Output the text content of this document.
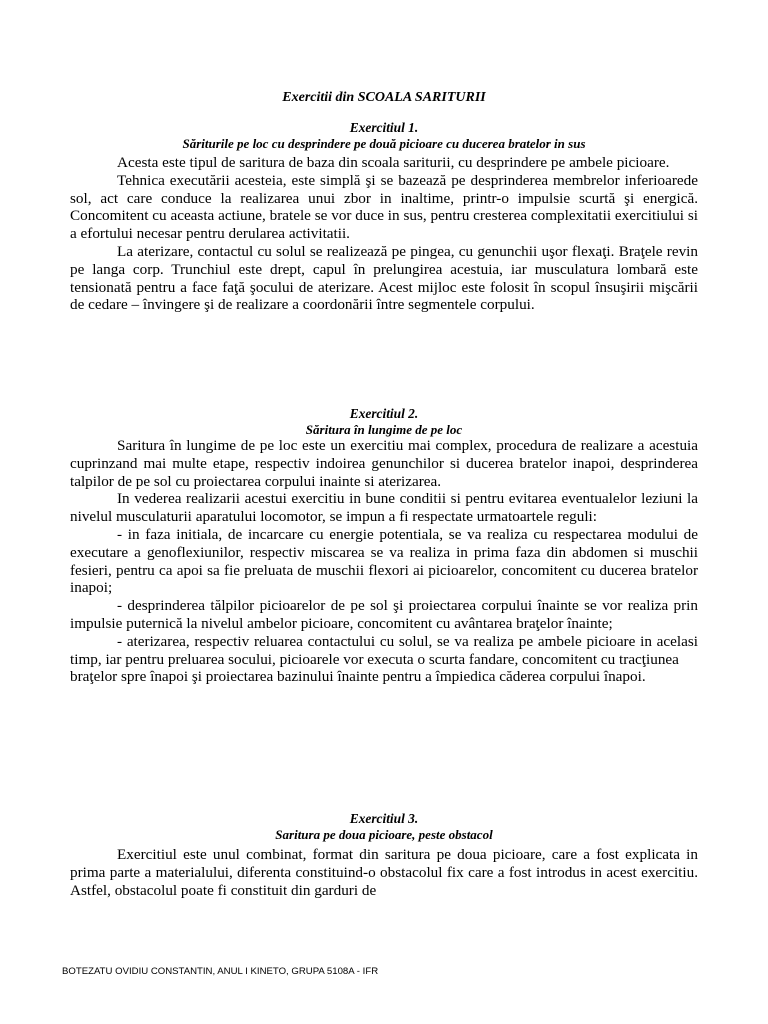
Exercitii din SCOALA SARITURII
Exercitiul 1.
Săriturile pe loc cu desprindere pe două picioare cu ducerea bratelor in sus

Acesta este tipul de saritura de baza din scoala sariturii, cu desprindere pe ambele picioare.

Tehnica executării acesteia, este simplă şi se bazează pe desprinderea membrelor inferioarede sol, act care conduce la realizarea unui zbor in inaltime, printr-o impulsie scurtă şi energică. Concomitent cu aceasta actiune, bratele se vor duce in sus, pentru cresterea complexitatii exercitiului si a efortului necesar pentru derularea activitatii.

La aterizare, contactul cu solul se realizează pe pingea, cu genunchii uşor flexaţi. Braţele revin pe langa corp. Trunchiul este drept, capul în prelungirea acestuia, iar musculatura lombară este tensionată pentru a face faţă şocului de aterizare. Acest mijloc este folosit în scopul însuşirii mişcării de cedare – învingere şi de realizare a coordonării între segmentele corpului.

Exercitiul 2.
Săritura în lungime de pe loc

Saritura în lungime de pe loc este un exercitiu mai complex, procedura de realizare a acestuia cuprinzand mai multe etape, respectiv indoirea genunchilor si ducerea bratelor inapoi, desprinderea talpilor de pe sol cu proiectarea corpului inainte si aterizarea.

In vederea realizarii acestui exercitiu in bune conditii si pentru evitarea eventualelor leziuni la nivelul musculaturii aparatului locomotor, se impun a fi respectate urmatoartele reguli:

- in faza initiala, de incarcare cu energie potentiala, se va realiza cu respectarea modului de executare a genoflexiunilor, respectiv miscarea se va realiza in prima faza din abdomen si muschii fesieri, pentru ca apoi sa fie preluata de muschii flexori ai picioarelor, concomitent cu ducerea bratelor inapoi;

- desprinderea tălpilor picioarelor de pe sol şi proiectarea corpului înainte se vor realiza prin impulsie puternică la nivelul ambelor picioare, concomitent cu avântarea braţelor înainte;

- aterizarea, respectiv reluarea contactului cu solul, se va realiza pe ambele picioare in acelasi timp, iar pentru preluarea socului, picioarele vor executa o scurta fandare, concomitent cu tracţiunea

braţelor spre înapoi şi proiectarea bazinului înainte pentru a împiedica căderea corpului înapoi.

Exercitiul 3.
Saritura pe doua picioare, peste obstacol

Exercitiul este unul combinat, format din saritura pe doua picioare, care a fost explicata in prima parte a materialului, diferenta constituind-o obstacolul fix care a fost introdus in acest exercitiu. Astfel, obstacolul poate fi constituit din garduri de

BOTEZATU OVIDIU CONSTANTIN, ANUL I KINETO, GRUPA 5108A - IFR
